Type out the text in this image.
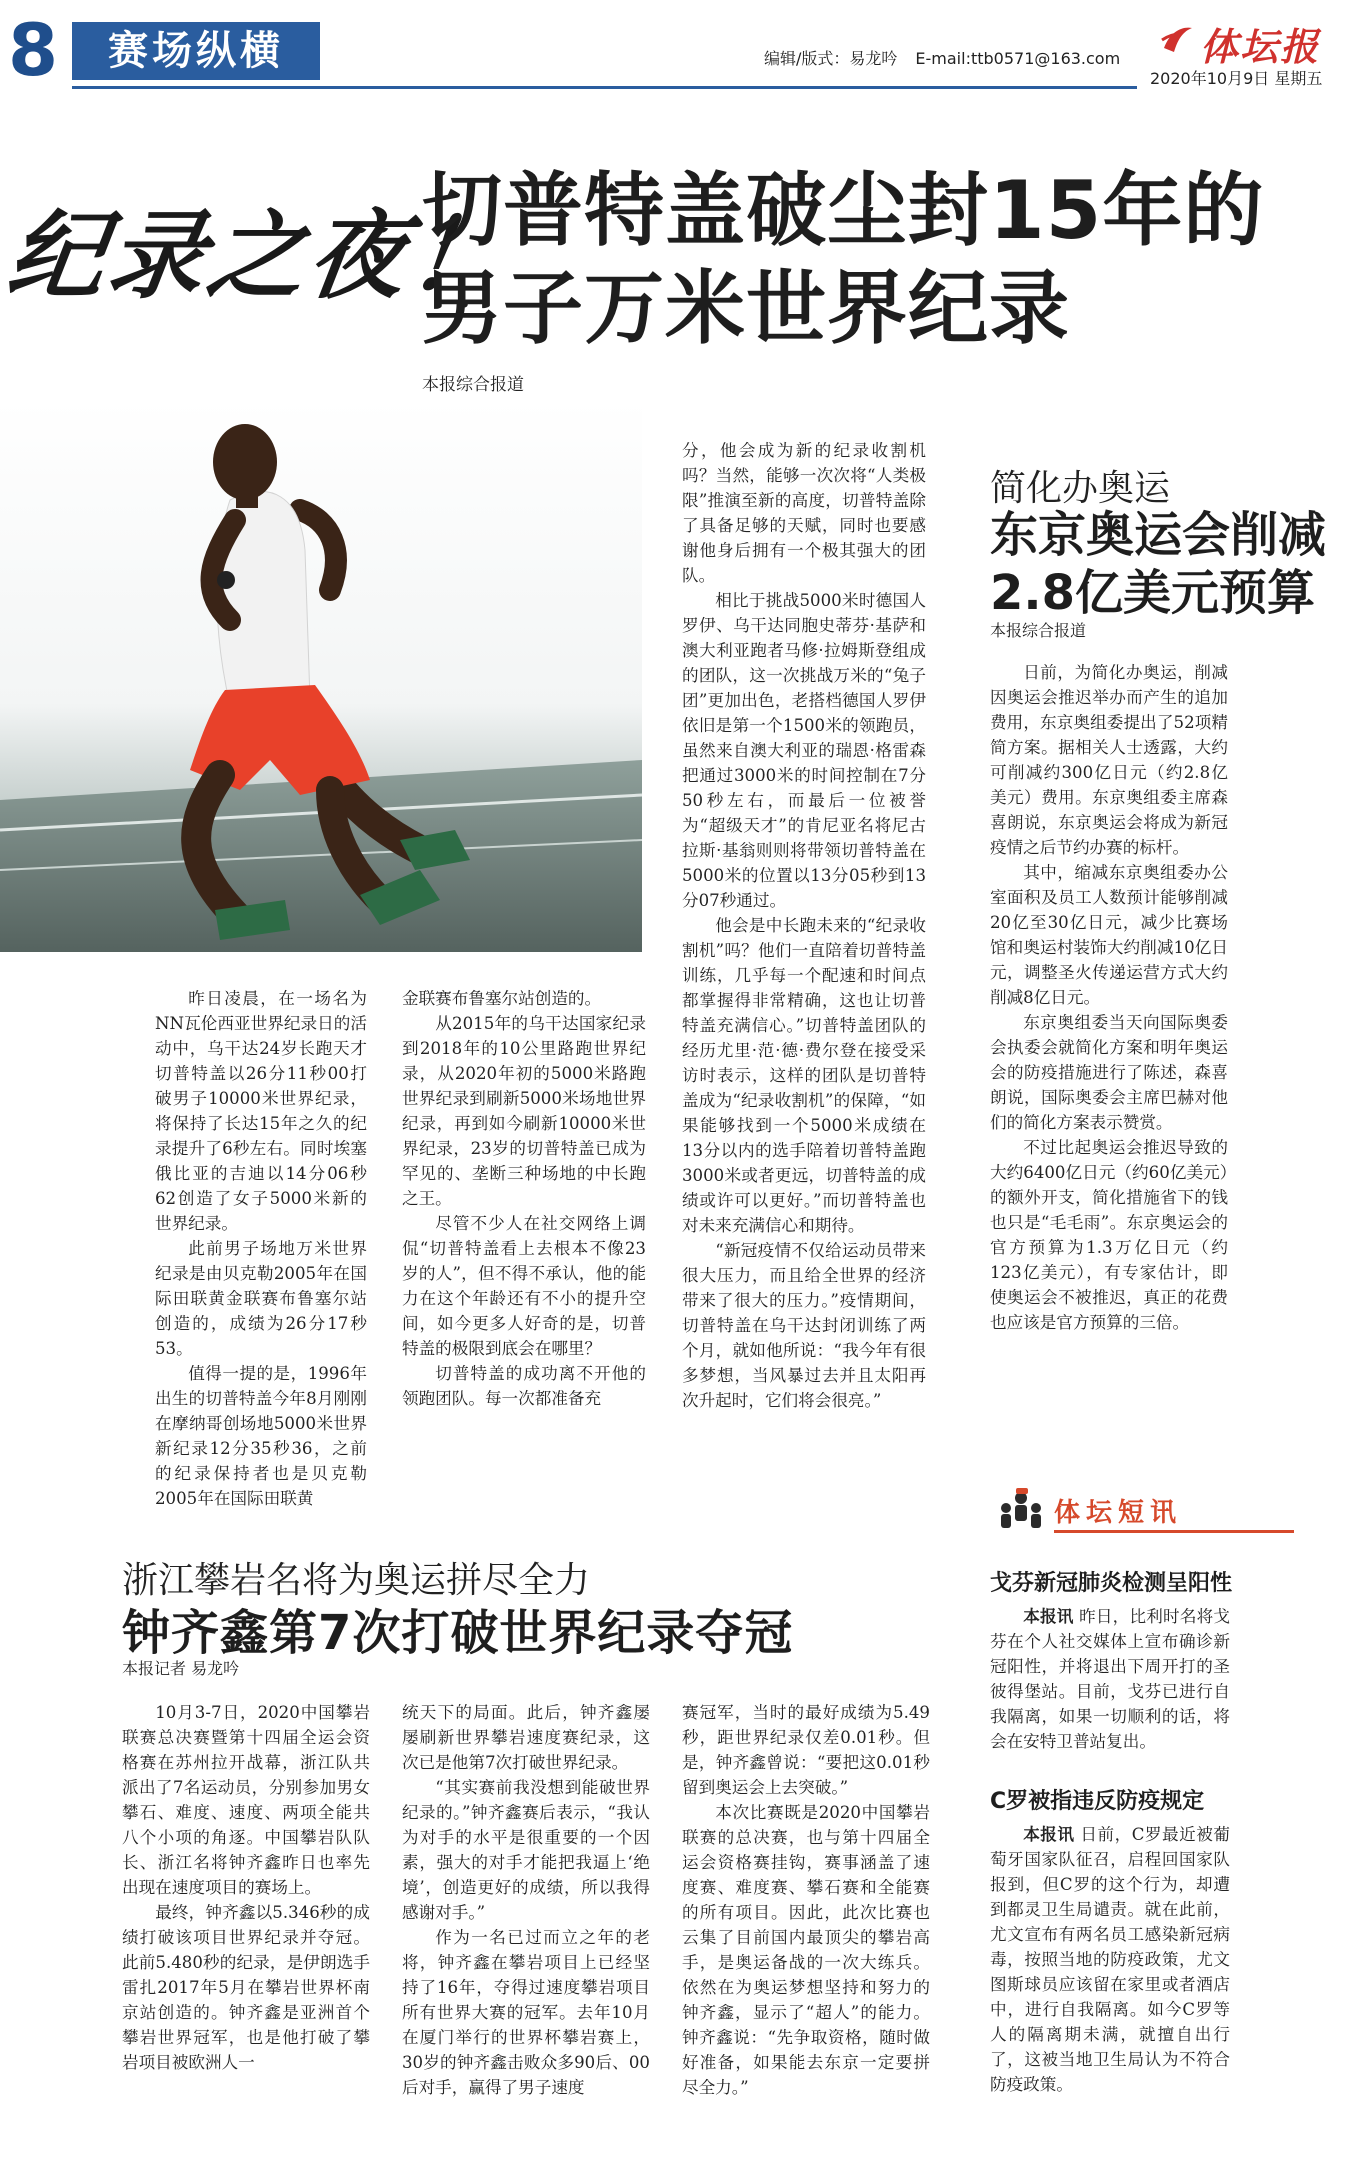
8	赛场纵横	编辑/版式：易龙吟 E-mail:ttb0571@163.com 体坛报
2020年10月9日 星期五
纪录之夜！
切普特盖破尘封15年的
男子万米世界纪录
本报综合报道

昨日凌晨，在一场名为NN瓦伦西亚世界纪录日的活动中，乌干达24岁长跑天才切普特盖以26分11秒00打破男子10000米世界纪录，将保持了长达15年之久的纪录提升了6秒左右。同时埃塞俄比亚的吉迪以14分06秒62创造了女子5000米新的世界纪录。

此前男子场地万米世界纪录是由贝克勒2005年在国际田联黄金联赛布鲁塞尔站创造的，成绩为26分17秒53。

值得一提的是，1996年出生的切普特盖今年8月刚刚在摩纳哥创场地5000米世界新纪录12分35秒36，之前的纪录保持者也是贝克勒2005年在国际田联黄

金联赛布鲁塞尔站创造的。

从2015年的乌干达国家纪录到2018年的10公里路跑世界纪录，从2020年初的5000米路跑世界纪录到刷新5000米场地世界纪录，再到如今刷新10000米世界纪录，23岁的切普特盖已成为罕见的、垄断三种场地的中长跑之王。

尽管不少人在社交网络上调侃“切普特盖看上去根本不像23岁的人”，但不得不承认，他的能力在这个年龄还有不小的提升空间，如今更多人好奇的是，切普特盖的极限到底会在哪里？

切普特盖的成功离不开他的领跑团队。每一次都准备充

分，他会成为新的纪录收割机吗？当然，能够一次次将“人类极限”推演至新的高度，切普特盖除了具备足够的天赋，同时也要感谢他身后拥有一个极其强大的团队。

相比于挑战5000米时德国人罗伊、乌干达同胞史蒂芬·基萨和澳大利亚跑者马修·拉姆斯登组成的团队，这一次挑战万米的“兔子团”更加出色，老搭档德国人罗伊依旧是第一个1500米的领跑员，虽然来自澳大利亚的瑞恩·格雷森把通过3000米的时间控制在7分50秒左右，而最后一位被誉为“超级天才”的肯尼亚名将尼古拉斯·基翁则则将带领切普特盖在5000米的位置以13分05秒到13分07秒通过。

他会是中长跑未来的“纪录收割机”吗？他们一直陪着切普特盖训练，几乎每一个配速和时间点都掌握得非常精确，这也让切普特盖充满信心。”切普特盖团队的经历尤里·范·德·费尔登在接受采访时表示，这样的团队是切普特盖成为“纪录收割机”的保障，“如果能够找到一个5000米成绩在13分以内的选手陪着切普特盖跑3000米或者更远，切普特盖的成绩或许可以更好。”而切普特盖也对未来充满信心和期待。

“新冠疫情不仅给运动员带来很大压力，而且给全世界的经济带来了很大的压力。”疫情期间，切普特盖在乌干达封闭训练了两个月，就如他所说：“我今年有很多梦想，当风暴过去并且太阳再次升起时，它们将会很亮。”

简化办奥运
东京奥运会削减
2.8亿美元预算
本报综合报道

日前，为简化办奥运，削减因奥运会推迟举办而产生的追加费用，东京奥组委提出了52项精简方案。据相关人士透露，大约可削减约300亿日元（约2.8亿美元）费用。东京奥组委主席森喜朗说，东京奥运会将成为新冠疫情之后节约办赛的标杆。

其中，缩减东京奥组委办公室面积及员工人数预计能够削减20亿至30亿日元，减少比赛场馆和奥运村装饰大约削减10亿日元，调整圣火传递运营方式大约削减8亿日元。

东京奥组委当天向国际奥委会执委会就简化方案和明年奥运会的防疫措施进行了陈述，森喜朗说，国际奥委会主席巴赫对他们的简化方案表示赞赏。

不过比起奥运会推迟导致的大约6400亿日元（约60亿美元）的额外开支，简化措施省下的钱也只是“毛毛雨”。东京奥运会的官方预算为1.3万亿日元（约123亿美元），有专家估计，即使奥运会不被推迟，真正的花费也应该是官方预算的三倍。

浙江攀岩名将为奥运拼尽全力
钟齐鑫第7次打破世界纪录夺冠
本报记者 易龙吟

10月3-7日，2020中国攀岩联赛总决赛暨第十四届全运会资格赛在苏州拉开战幕，浙江队共派出了7名运动员，分别参加男女攀石、难度、速度、两项全能共八个小项的角逐。中国攀岩队队长、浙江名将钟齐鑫昨日也率先出现在速度项目的赛场上。

最终，钟齐鑫以5.346秒的成绩打破该项目世界纪录并夺冠。此前5.480秒的纪录，是伊朗选手雷扎2017年5月在攀岩世界杯南京站创造的。钟齐鑫是亚洲首个攀岩世界冠军，也是他打破了攀岩项目被欧洲人一

统天下的局面。此后，钟齐鑫屡屡刷新世界攀岩速度赛纪录，这次已是他第7次打破世界纪录。

“其实赛前我没想到能破世界纪录的。”钟齐鑫赛后表示，“我认为对手的水平是很重要的一个因素，强大的对手才能把我逼上‘绝境’，创造更好的成绩，所以我得感谢对手。”

作为一名已过而立之年的老将，钟齐鑫在攀岩项目上已经坚持了16年，夺得过速度攀岩项目所有世界大赛的冠军。去年10月在厦门举行的世界杯攀岩赛上，30岁的钟齐鑫击败众多90后、00后对手，赢得了男子速度

赛冠军，当时的最好成绩为5.49秒，距世界纪录仅差0.01秒。但是，钟齐鑫曾说：“要把这0.01秒留到奥运会上去突破。”

本次比赛既是2020中国攀岩联赛的总决赛，也与第十四届全运会资格赛挂钩，赛事涵盖了速度赛、难度赛、攀石赛和全能赛的所有项目。因此，此次比赛也云集了目前国内最顶尖的攀岩高手，是奥运备战的一次大练兵。依然在为奥运梦想坚持和努力的钟齐鑫，显示了“超人”的能力。钟齐鑫说：“先争取资格，随时做好准备，如果能去东京一定要拼尽全力。”

体坛短讯
戈芬新冠肺炎检测呈阳性

本报讯 昨日，比利时名将戈芬在个人社交媒体上宣布确诊新冠阳性，并将退出下周开打的圣彼得堡站。目前，戈芬已进行自我隔离，如果一切顺利的话，将会在安特卫普站复出。

C罗被指违反防疫规定

本报讯 日前，C罗最近被葡萄牙国家队征召，启程回国家队报到，但C罗的这个行为，却遭到都灵卫生局谴责。就在此前，尤文宣布有两名员工感染新冠病毒，按照当地的防疫政策，尤文图斯球员应该留在家里或者酒店中，进行自我隔离。如今C罗等人的隔离期未满，就擅自出行了，这被当地卫生局认为不符合防疫政策。
